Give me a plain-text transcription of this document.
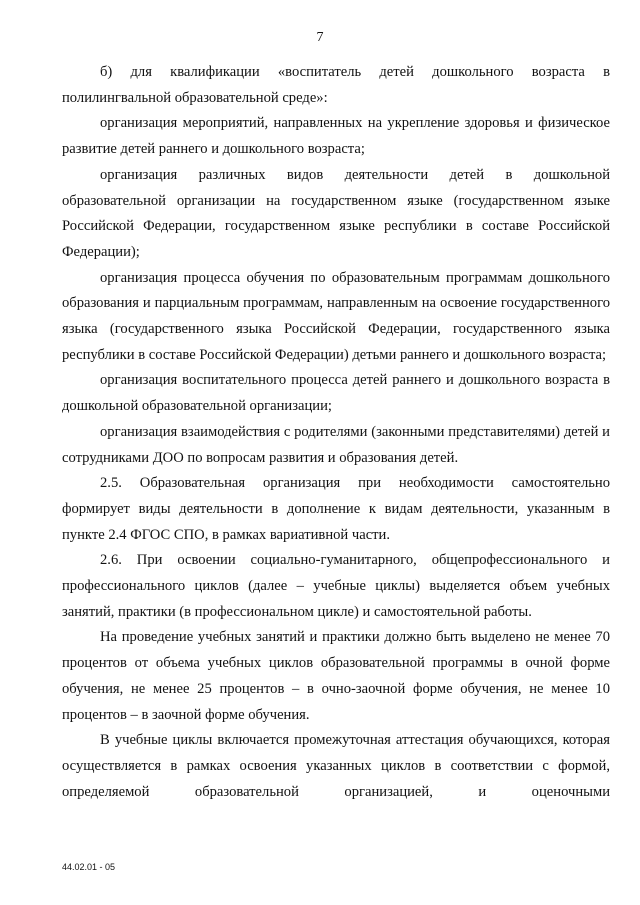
7

б) для квалификации «воспитатель детей дошкольного возраста в полилингвальной образовательной среде»:

организация мероприятий, направленных на укрепление здоровья и физическое развитие детей раннего и дошкольного возраста;

организация различных видов деятельности детей в дошкольной образовательной организации на государственном языке (государственном языке Российской Федерации, государственном языке республики в составе Российской Федерации);

организация процесса обучения по образовательным программам дошкольного образования и парциальным программам, направленным на освоение государственного языка (государственного языка Российской Федерации, государственного языка республики в составе Российской Федерации) детьми раннего и дошкольного возраста;

организация воспитательного процесса детей раннего и дошкольного возраста в дошкольной образовательной организации;

организация взаимодействия с родителями (законными представителями) детей и сотрудниками ДОО по вопросам развития и образования детей.

2.5. Образовательная организация при необходимости самостоятельно формирует виды деятельности в дополнение к видам деятельности, указанным в пункте 2.4 ФГОС СПО, в рамках вариативной части.

2.6. При освоении социально-гуманитарного, общепрофессионального и профессионального циклов (далее – учебные циклы) выделяется объем учебных занятий, практики (в профессиональном цикле) и самостоятельной работы.

На проведение учебных занятий и практики должно быть выделено не менее 70 процентов от объема учебных циклов образовательной программы в очной форме обучения, не менее 25 процентов – в очно-заочной форме обучения, не менее 10 процентов – в заочной форме обучения.

В учебные циклы включается промежуточная аттестация обучающихся, которая осуществляется в рамках освоения указанных циклов в соответствии с формой, определяемой образовательной организацией, и оценочными

44.02.01 - 05
